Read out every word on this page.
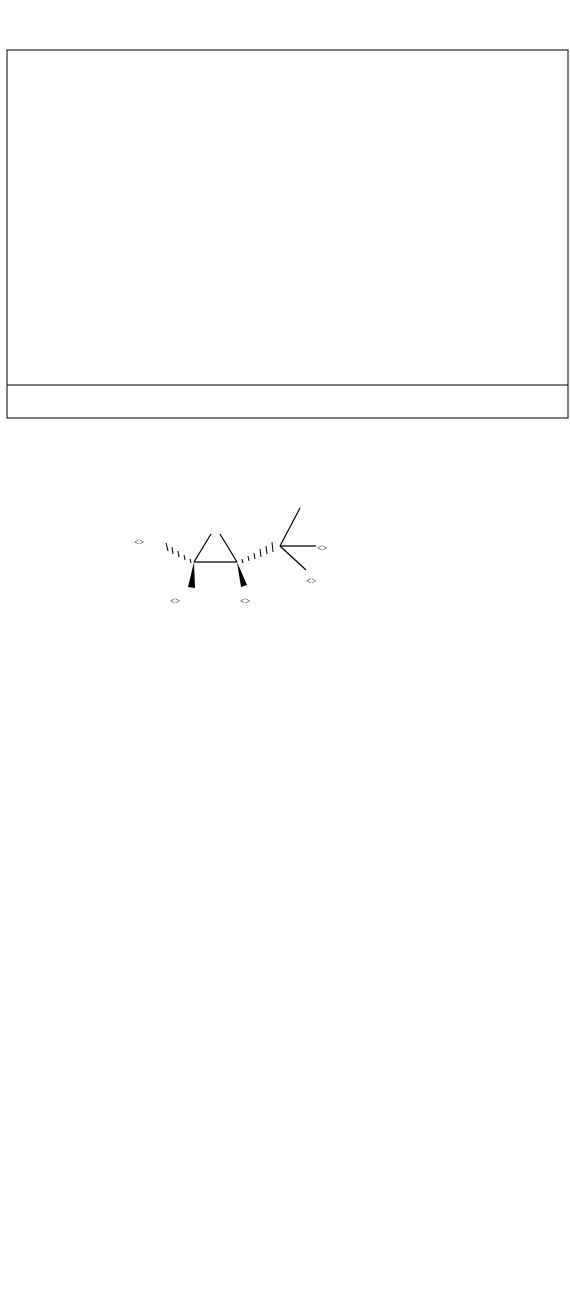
<>
<>	<>
<>
<>
